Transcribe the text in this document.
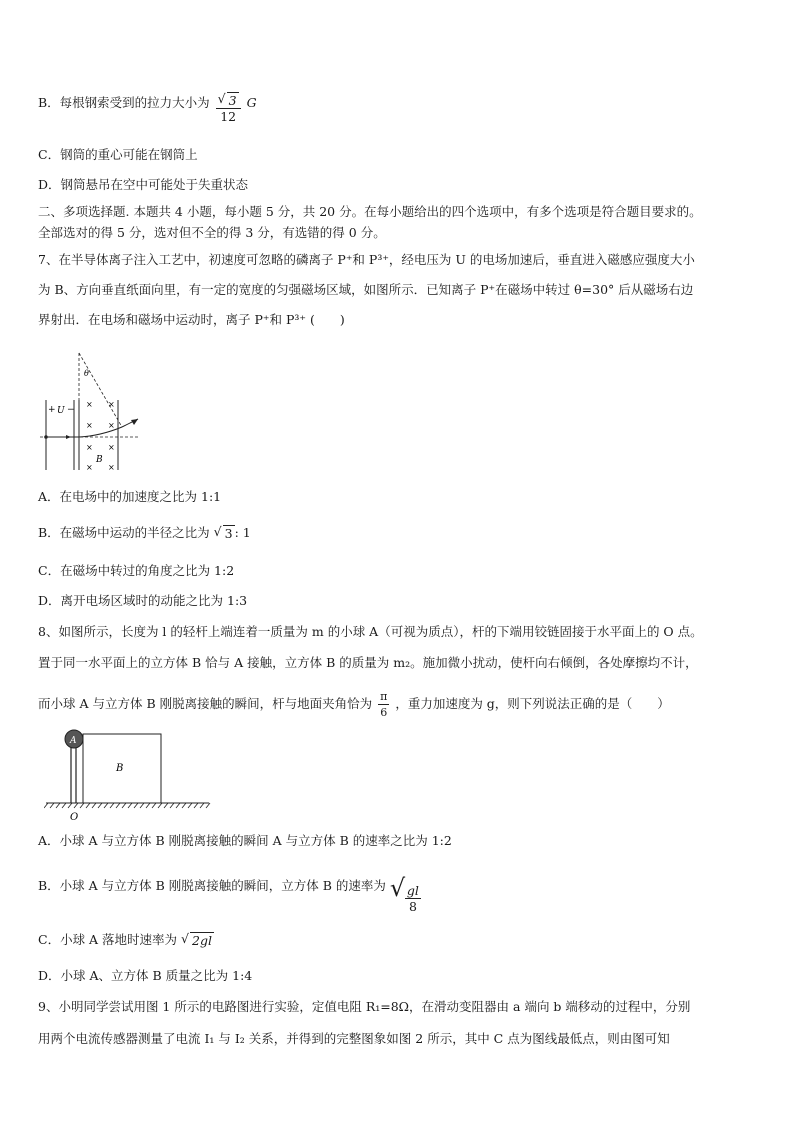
B．每根钢索受到的拉力大小为 $\frac{√ 3}{12}$ G
C．钢筒的重心可能在钢筒上
D．钢筒悬吊在空中可能处于失重状态
二、多项选择题. 本题共 4 小题，每小题 5 分，共 20 分。在每小题给出的四个选项中，有多个选项是符合题目要求的。
全部选对的得 5 分，选对但不全的得 3 分，有选错的得 0 分。
7、在半导体离子注入工艺中，初速度可忽略的磷离子 P⁺和 P³⁺，经电压为 U 的电场加速后，垂直进入磁感应强度大小
为 B、方向垂直纸面向里，有一定的宽度的匀强磁场区域，如图所示．已知离子 P⁺在磁场中转过 θ=30° 后从磁场右边
界射出．在电场和磁场中运动时，离子 P⁺和 P³⁺ (　　)
θ
+ U −
× ×
× ×
× ×
× ×
B
A．在电场中的加速度之比为 1:1
B．在磁场中运动的半径之比为 √ 3 : 1
C．在磁场中转过的角度之比为 1:2
D．离开电场区域时的动能之比为 1:3
8、如图所示，长度为 l 的轻杆上端连着一质量为 m 的小球 A（可视为质点），杆的下端用铰链固接于水平面上的 O 点。
置于同一水平面上的立方体 B 恰与 A 接触，立方体 B 的质量为 m₂。施加微小扰动，使杆向右倾倒，各处摩擦均不计，
而小球 A 与立方体 B 刚脱离接触的瞬间，杆与地面夹角恰为 $\frac{\pi}{6}$ ，重力加速度为 g，则下列说法正确的是（　　）
A
B
O
A．小球 A 与立方体 B 刚脱离接触的瞬间 A 与立方体 B 的速率之比为 1:2
B．小球 A 与立方体 B 刚脱离接触的瞬间，立方体 B 的速率为 √ $\frac{gl}{8}$
C．小球 A 落地时速率为 √ 2gl
D．小球 A、立方体 B 质量之比为 1:4
9、小明同学尝试用图 1 所示的电路图进行实验，定值电阻 R₁=8Ω，在滑动变阻器由 a 端向 b 端移动的过程中，分别
用两个电流传感器测量了电流 I₁ 与 I₂ 关系，并得到的完整图象如图 2 所示，其中 C 点为图线最低点，则由图可知
